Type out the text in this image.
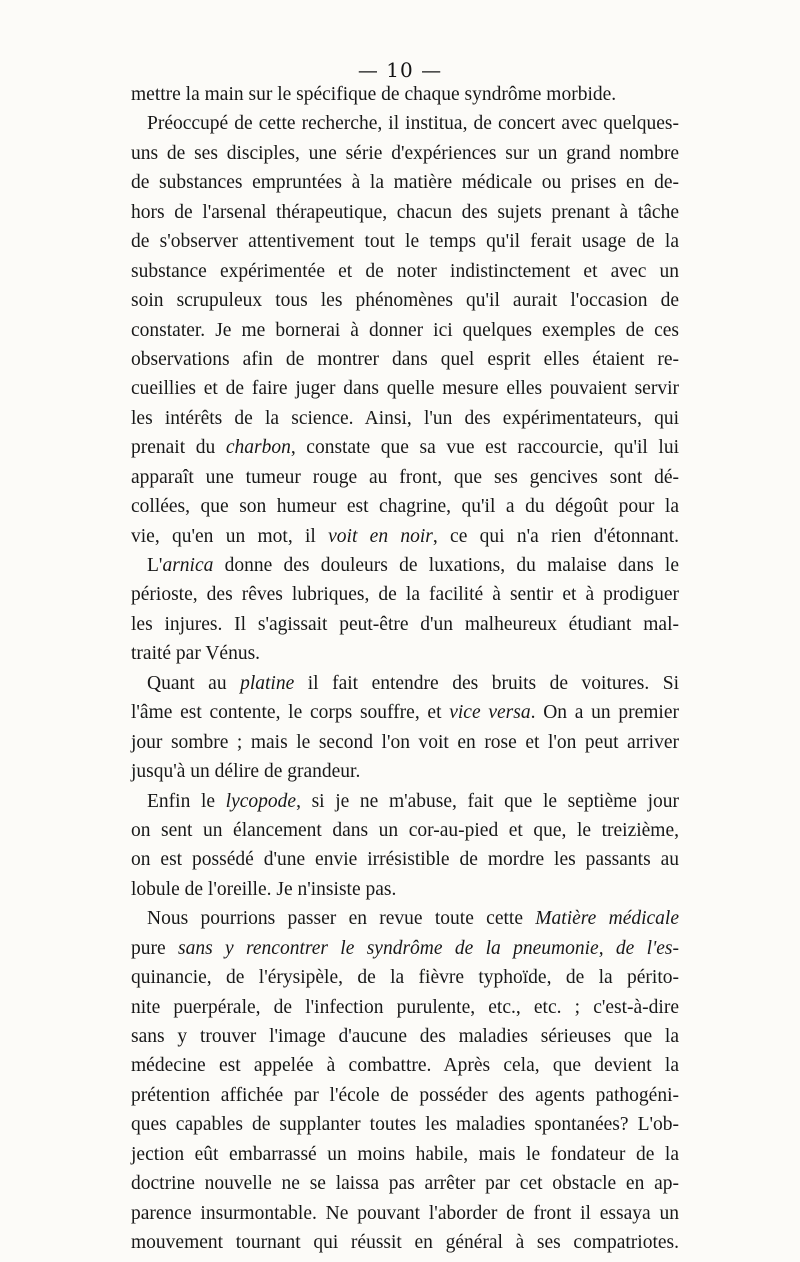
— 10 —
mettre la main sur le spécifique de chaque syndrôme morbide.
Préoccupé de cette recherche, il institua, de concert avec quelques-
uns de ses disciples, une série d'expériences sur un grand nombre
de substances empruntées à la matière médicale ou prises en de-
hors de l'arsenal thérapeutique, chacun des sujets prenant à tâche
de s'observer attentivement tout le temps qu'il ferait usage de la
substance expérimentée et de noter indistinctement et avec un
soin scrupuleux tous les phénomènes qu'il aurait l'occasion de
constater. Je me bornerai à donner ici quelques exemples de ces
observations afin de montrer dans quel esprit elles étaient re-
cueillies et de faire juger dans quelle mesure elles pouvaient servir
les intérêts de la science. Ainsi, l'un des expérimentateurs, qui
prenait du charbon, constate que sa vue est raccourcie, qu'il lui
apparaît une tumeur rouge au front, que ses gencives sont dé-
collées, que son humeur est chagrine, qu'il a du dégoût pour la
vie, qu'en un mot, il voit en noir, ce qui n'a rien d'étonnant.
L'arnica donne des douleurs de luxations, du malaise dans le
périoste, des rêves lubriques, de la facilité à sentir et à prodiguer
les injures. Il s'agissait peut-être d'un malheureux étudiant mal-
traité par Vénus.
Quant au platine il fait entendre des bruits de voitures. Si
l'âme est contente, le corps souffre, et vice versa. On a un premier
jour sombre ; mais le second l'on voit en rose et l'on peut arriver
jusqu'à un délire de grandeur.
Enfin le lycopode, si je ne m'abuse, fait que le septième jour
on sent un élancement dans un cor-au-pied et que, le treizième,
on est possédé d'une envie irrésistible de mordre les passants au
lobule de l'oreille. Je n'insiste pas.
Nous pourrions passer en revue toute cette Matière médicale
pure sans y rencontrer le syndrôme de la pneumonie, de l'es-
quinancie, de l'érysipèle, de la fièvre typhoïde, de la périto-
nite puerpérale, de l'infection purulente, etc., etc. ; c'est-à-dire
sans y trouver l'image d'aucune des maladies sérieuses que la
médecine est appelée à combattre. Après cela, que devient la
prétention affichée par l'école de posséder des agents pathogéni-
ques capables de supplanter toutes les maladies spontanées? L'ob-
jection eût embarrassé un moins habile, mais le fondateur de la
doctrine nouvelle ne se laissa pas arrêter par cet obstacle en ap-
parence insurmontable. Ne pouvant l'aborder de front il essaya un
mouvement tournant qui réussit en général à ses compatriotes.
